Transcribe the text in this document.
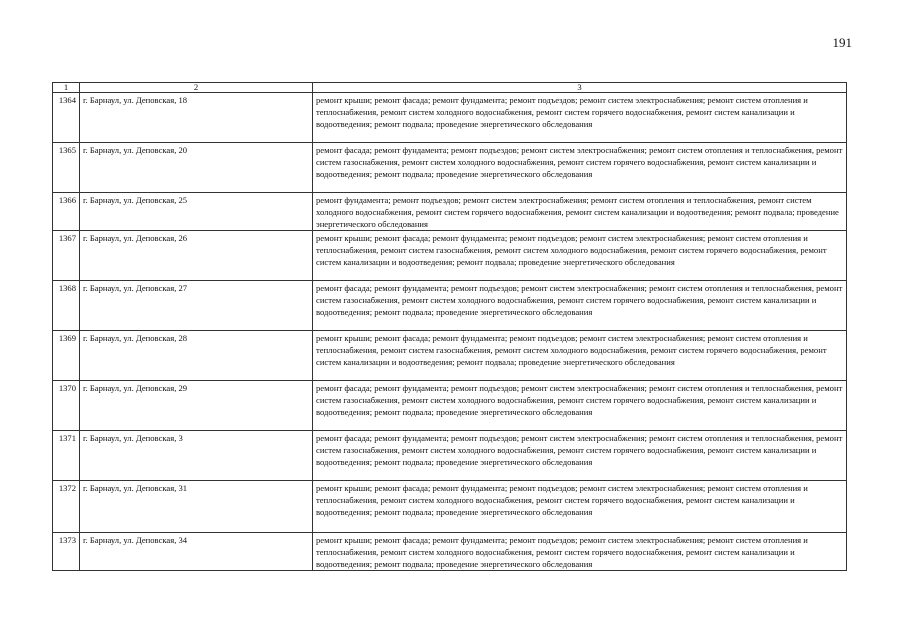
191
1	2	3
1364	г. Барнаул, ул. Деповская, 18	ремонт крыши; ремонт фасада; ремонт фундамента; ремонт подъездов; ремонт систем электроснабжения; ремонт систем отопления и теплоснабжения, ремонт систем холодного водоснабжения, ремонт систем горячего водоснабжения, ремонт систем канализации и водоотведения; ремонт подвала; проведение энергетического обследования
1365	г. Барнаул, ул. Деповская, 20	ремонт фасада; ремонт фундамента; ремонт подъездов; ремонт систем электроснабжения; ремонт систем отопления и теплоснабжения, ремонт систем газоснабжения, ремонт систем холодного водоснабжения, ремонт систем горячего водоснабжения, ремонт систем канализации и водоотведения; ремонт подвала; проведение энергетического обследования
1366	г. Барнаул, ул. Деповская, 25	ремонт фундамента; ремонт подъездов; ремонт систем электроснабжения; ремонт систем отопления и теплоснабжения, ремонт систем холодного водоснабжения, ремонт систем горячего водоснабжения, ремонт систем канализации и водоотведения; ремонт подвала; проведение энергетического обследования
1367	г. Барнаул, ул. Деповская, 26	ремонт крыши; ремонт фасада; ремонт фундамента; ремонт подъездов; ремонт систем электроснабжения; ремонт систем отопления и теплоснабжения, ремонт систем газоснабжения, ремонт систем холодного водоснабжения, ремонт систем горячего водоснабжения, ремонт систем канализации и водоотведения; ремонт подвала; проведение энергетического обследования
1368	г. Барнаул, ул. Деповская, 27	ремонт фасада; ремонт фундамента; ремонт подъездов; ремонт систем электроснабжения; ремонт систем отопления и теплоснабжения, ремонт систем газоснабжения, ремонт систем холодного водоснабжения, ремонт систем горячего водоснабжения, ремонт систем канализации и водоотведения; ремонт подвала; проведение энергетического обследования
1369	г. Барнаул, ул. Деповская, 28	ремонт крыши; ремонт фасада; ремонт фундамента; ремонт подъездов; ремонт систем электроснабжения; ремонт систем отопления и теплоснабжения, ремонт систем газоснабжения, ремонт систем холодного водоснабжения, ремонт систем горячего водоснабжения, ремонт систем канализации и водоотведения; ремонт подвала; проведение энергетического обследования
1370	г. Барнаул, ул. Деповская, 29	ремонт фасада; ремонт фундамента; ремонт подъездов; ремонт систем электроснабжения; ремонт систем отопления и теплоснабжения, ремонт систем газоснабжения, ремонт систем холодного водоснабжения, ремонт систем горячего водоснабжения, ремонт систем канализации и водоотведения; ремонт подвала; проведение энергетического обследования
1371	г. Барнаул, ул. Деповская, 3	ремонт фасада; ремонт фундамента; ремонт подъездов; ремонт систем электроснабжения; ремонт систем отопления и теплоснабжения, ремонт систем газоснабжения, ремонт систем холодного водоснабжения, ремонт систем горячего водоснабжения, ремонт систем канализации и водоотведения; ремонт подвала; проведение энергетического обследования
1372	г. Барнаул, ул. Деповская, 31	ремонт крыши; ремонт фасада; ремонт фундамента; ремонт подъездов; ремонт систем электроснабжения; ремонт систем отопления и теплоснабжения, ремонт систем холодного водоснабжения, ремонт систем горячего водоснабжения, ремонт систем канализации и водоотведения; ремонт подвала; проведение энергетического обследования
1373	г. Барнаул, ул. Деповская, 34	ремонт крыши; ремонт фасада; ремонт фундамента; ремонт подъездов; ремонт систем электроснабжения; ремонт систем отопления и теплоснабжения, ремонт систем холодного водоснабжения, ремонт систем горячего водоснабжения, ремонт систем канализации и водоотведения; ремонт подвала; проведение энергетического обследования
